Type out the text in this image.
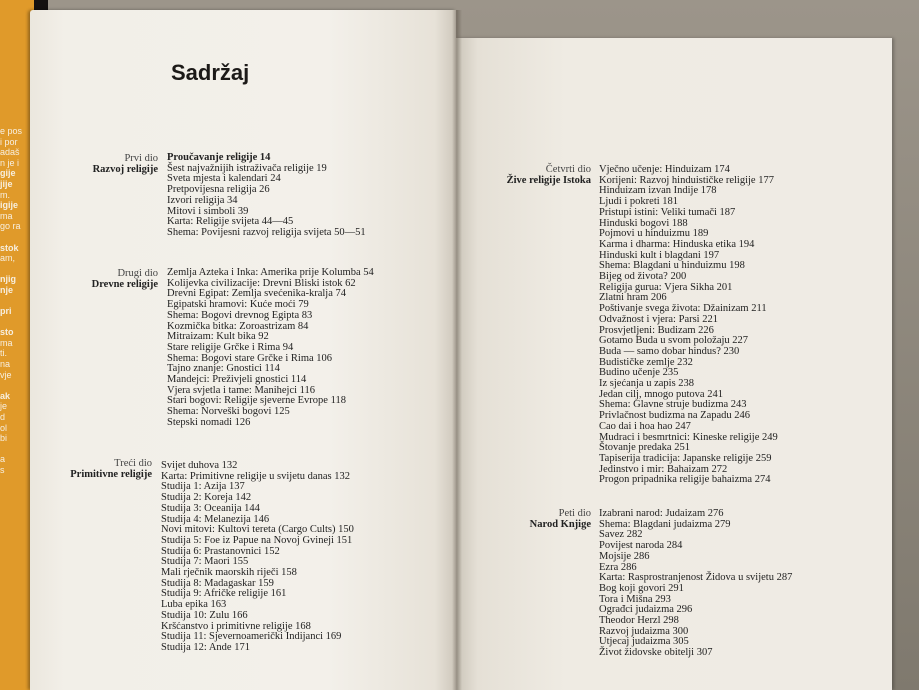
e pos
i por
adaš
n je i
gije
jije
m.
igije
ma
go ra
stok
am,
njig
nje
pri
sto
ma
ti.
na
vje
ak
je
d
ol
bi
a
s
Sadržaj
Prvi dio
Razvoj religije
Proučavanje religije 14
Šest najvažnijih istraživača religije 19
Sveta mjesta i kalendari 24
Pretpovijesna religija 26
Izvori religija 34
Mitovi i simboli 39
Karta: Religije svijeta 44—45
Shema: Povijesni razvoj religija svijeta 50—51
Drugi dio
Drevne religije
Zemlja Azteka i Inka: Amerika prije Kolumba 54
Kolijevka civilizacije: Drevni Bliski istok 62
Drevni Egipat: Zemlja svećenika-kralja 74
Egipatski hramovi: Kuće moći 79
Shema: Bogovi drevnog Egipta 83
Kozmička bitka: Zoroastrizam 84
Mitraizam: Kult bika 92
Stare religije Grčke i Rima 94
Shema: Bogovi stare Grčke i Rima 106
Tajno znanje: Gnostici 114
Mandejci: Preživjeli gnostici 114
Vjera svjetla i tame: Manihejci 116
Stari bogovi: Religije sjeverne Evrope 118
Shema: Norveški bogovi 125
Stepski nomadi 126
Treći dio
Primitivne religije
Svijet duhova 132
Karta: Primitivne religije u svijetu danas 132
Studija 1: Azija 137
Studija 2: Koreja 142
Studija 3: Oceanija 144
Studija 4: Melanezija 146
Novi mitovi: Kultovi tereta (Cargo Cults) 150
Studija 5: Foe iz Papue na Novoj Gvineji 151
Studija 6: Prastanovnici 152
Studija 7: Maori 155
Mali rječnik maorskih riječi 158
Studija 8: Madagaskar 159
Studija 9: Afričke religije 161
Luba epika 163
Studija 10: Zulu 166
Kršćanstvo i primitivne religije 168
Studija 11: Sjevernoamerički Indijanci 169
Studija 12: Ande 171
Četvrti dio
Žive religije Istoka
Vječno učenje: Hinduizam 174
Korijeni: Razvoj hinduističke religije 177
Hinduizam izvan Indije 178
Ljudi i pokreti 181
Pristupi istini: Veliki tumači 187
Hinduski bogovi 188
Pojmovi u hinduizmu 189
Karma i dharma: Hinduska etika 194
Hinduski kult i blagdani 197
Shema: Blagdani u hinduizmu 198
Bijeg od života? 200
Religija gurua: Vjera Sikha 201
Zlatni hram 206
Poštivanje svega života: Džainizam 211
Odvažnost i vjera: Parsi 221
Prosvjetljeni: Budizam 226
Gotamo Buda u svom položaju 227
Buda — samo dobar hindus? 230
Budističke zemlje 232
Budino učenje 235
Iz sjećanja u zapis 238
Jedan cilj, mnogo putova 241
Shema: Glavne struje budizma 243
Privlačnost budizma na Zapadu 246
Cao dai i hoa hao 247
Mudraci i besmrtnici: Kineske religije 249
Štovanje predaka 251
Tapiserija tradicija: Japanske religije 259
Jedinstvo i mir: Bahaizam 272
Progon pripadnika religije bahaizma 274
Peti dio
Narod Knjige
Izabrani narod: Judaizam 276
Shema: Blagdani judaizma 279
Savez 282
Povijest naroda 284
Mojsije 286
Ezra 286
Karta: Rasprostranjenost Židova u svijetu 287
Bog koji govori 291
Tora i Mišna 293
Ograđci judaizma 296
Theodor Herzl 298
Razvoj judaizma 300
Utjecaj judaizma 305
Život židovske obitelji 307
